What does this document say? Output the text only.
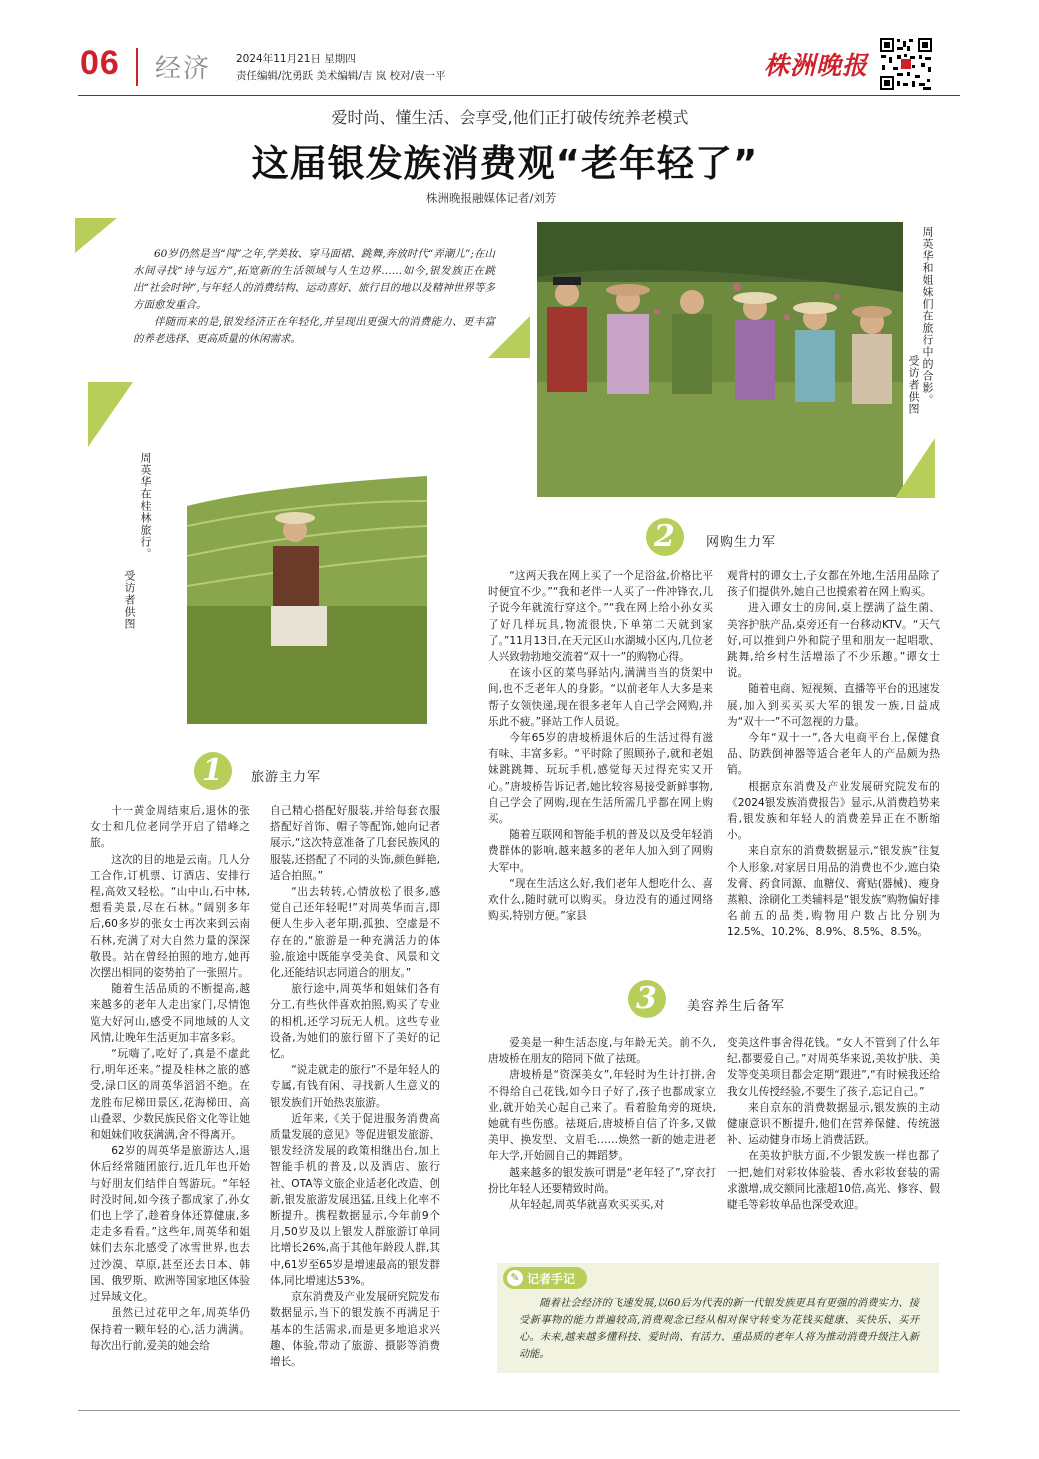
06 经济 2024年11月21日 星期四
责任编辑/沈勇跃 美术编辑/吉 岚 校对/袁一平	株洲晚报
爱时尚、懂生活、会享受,他们正打破传统养老模式
这届银发族消费观“老年轻了”
株洲晚报融媒体记者/刘芳

60岁仍然是当“闯”之年,学美妆、穿马面裙、跳舞,奔放时代“弄潮儿”;在山水间寻找“诗与远方”,拓宽新的生活领域与人生边界……如今,银发族正在跳出“社会时钟”,与年轻人的消费结构、运动喜好、旅行目的地以及精神世界等多方面愈发重合。

伴随而来的是,银发经济正在年轻化,并呈现出更强大的消费能力、更丰富的养老选择、更高质量的休闲需求。	周英华和姐妹们在旅行中的合影。
受访者供图
周英华在桂林旅行。
受访者供图
1 旅游主力军
2 网购生力军
3 美容养生后备军

十一黄金周结束后,退休的张女士和几位老同学开启了错峰之旅。

这次的目的地是云南。几人分工合作,订机票、订酒店、安排行程,高效又轻松。“山中山,石中林,想看美景,尽在石林。”阔别多年后,60多岁的张女士再次来到云南石林,充满了对大自然力量的深深敬畏。站在曾经拍照的地方,她再次摆出相同的姿势拍了一张照片。

随着生活品质的不断提高,越来越多的老年人走出家门,尽情饱览大好河山,感受不同地域的人文风情,让晚年生活更加丰富多彩。

“玩嗨了,吃好了,真是不虚此行,明年还来。”提及桂林之旅的感受,渌口区的周英华滔滔不绝。在龙胜布尼梯田景区,花海梯田、高山叠翠、少数民族民俗文化等让她和姐妹们收获满满,舍不得离开。

62岁的周英华是旅游达人,退休后经常随团旅行,近几年也开始与好朋友们结伴自驾游玩。“年轻时没时间,如今孩子都成家了,孙女们也上学了,趁着身体还算健康,多走走多看看。”这些年,周英华和姐妹们去东北感受了冰雪世界,也去过沙漠、草原,甚至还去日本、韩国、俄罗斯、欧洲等国家地区体验过异域文化。

虽然已过花甲之年,周英华仍保持着一颗年轻的心,活力满满。每次出行前,爱美的她会给

自己精心搭配好服装,并给每套衣服搭配好首饰、帽子等配饰,她向记者展示,“这次特意准备了几套民族风的服装,还搭配了不同的头饰,颜色鲜艳,适合拍照。”

“出去转转,心情放松了很多,感觉自己还年轻呢!”对周英华而言,即便人生步入老年期,孤独、空虚是不存在的,“旅游是一种充满活力的体验,旅途中既能享受美食、风景和文化,还能结识志同道合的朋友。”

旅行途中,周英华和姐妹们各有分工,有些伙伴喜欢拍照,购买了专业的相机,还学习玩无人机。这些专业设备,为她们的旅行留下了美好的记忆。

“说走就走的旅行”不是年轻人的专属,有钱有闲、寻找新人生意义的银发族们开始热衷旅游。

近年来,《关于促进服务消费高质量发展的意见》等促进银发旅游、银发经济发展的政策相继出台,加上智能手机的普及,以及酒店、旅行社、OTA等文旅企业适老化改造、创新,银发旅游发展迅猛,且线上化率不断提升。携程数据显示,今年前9个月,50岁及以上银发人群旅游订单同比增长26%,高于其他年龄段人群,其中,61岁至65岁是增速最高的银发群体,同比增速达53%。

京东消费及产业发展研究院发布数据显示,当下的银发族不再满足于基本的生活需求,而是更多地追求兴趣、体验,带动了旅游、摄影等消费增长。

“这两天我在网上买了一个足浴盆,价格比平时便宜不少。”“我和老伴一人买了一件冲锋衣,儿子说今年就流行穿这个。”“我在网上给小孙女买了好几样玩具,物流很快,下单第二天就到家了。”11月13日,在天元区山水湖城小区内,几位老人兴致勃勃地交流着“双十一”的购物心得。

在该小区的菜鸟驿站内,满满当当的货架中间,也不乏老年人的身影。“以前老年人大多是来帮子女领快递,现在很多老年人自己学会网购,并乐此不疲。”驿站工作人员说。

今年65岁的唐坡桥退休后的生活过得有滋有味、丰富多彩。“平时除了照顾孙子,就和老姐妹跳跳舞、玩玩手机,感觉每天过得充实又开心。”唐坡桥告诉记者,她比较容易接受新鲜事物,自己学会了网购,现在生活所需几乎都在网上购买。

随着互联网和智能手机的普及以及受年轻消费群体的影响,越来越多的老年人加入到了网购大军中。

“现在生活这么好,我们老年人想吃什么、喜欢什么,随时就可以购买。身边没有的通过网络购买,特别方便。”家县

观背村的谭女士,子女都在外地,生活用品除了孩子们提供外,她自己也摸索着在网上购买。

进入谭女士的房间,桌上摆满了益生菌、美容护肤产品,桌旁还有一台移动KTV。“天气好,可以推到户外和院子里和朋友一起唱歌、跳舞,给乡村生活增添了不少乐趣。”谭女士说。

随着电商、短视频、直播等平台的迅速发展,加入到买买买大军的银发一族,日益成为“双十一”不可忽视的力量。

今年“双十一”,各大电商平台上,保健食品、防跌倒神器等适合老年人的产品颇为热销。

根据京东消费及产业发展研究院发布的《2024银发族消费报告》显示,从消费趋势来看,银发族和年轻人的消费差异正在不断缩小。

来自京东的消费数据显示,“银发族”往复个人形象,对家居日用品的消费也不少,遮白染发膏、药食同源、血糖仪、膏贴(器械)、瘦身蒸粮、涂刷化工类辅料是“银发族”购物偏好排名前五的品类,购物用户数占比分别为12.5%、10.2%、8.9%、8.5%、8.5%。

爱美是一种生活态度,与年龄无关。前不久,唐坡桥在朋友的陪同下做了祛斑。

唐坡桥是“资深美女”,年轻时为生计打拼,舍不得给自己花钱,如今日子好了,孩子也都成家立业,就开始关心起自己来了。看着脸角旁的斑块,她就有些伤感。祛斑后,唐坡桥自信了许多,又做美甲、换发型、文眉毛……焕然一新的她走进老年大学,开始圆自己的舞蹈梦。

越来越多的银发族可谓是“老年轻了”,穿衣打扮比年轻人还要精致时尚。

从年轻起,周英华就喜欢买买买,对

变美这件事舍得花钱。“女人不管到了什么年纪,都要爱自己。”对周英华来说,美妆护肤、美发等变美项目都会定期“跟进”,“有时候我还给我女儿传授经验,不要生了孩子,忘记自己。”

来自京东的消费数据显示,银发族的主动健康意识不断提升,他们在营养保健、传统滋补、运动健身市场上消费活跃。

在美妆护肤方面,不少银发族一样也都了一把,她们对彩妆体验装、香水彩妆套装的需求激增,成交额同比涨超10倍,高光、修容、假睫毛等彩妆单品也深受欢迎。

✎ 记者手记
随着社会经济的飞速发展,以60后为代表的新一代银发族更具有更强的消费实力、接受新事物的能力普遍较高,消费观念已经从相对保守转变为花钱买健康、买快乐、买开心。未来,越来越多懂科技、爱时尚、有活力、重品质的老年人将为推动消费升级注入新动能。
